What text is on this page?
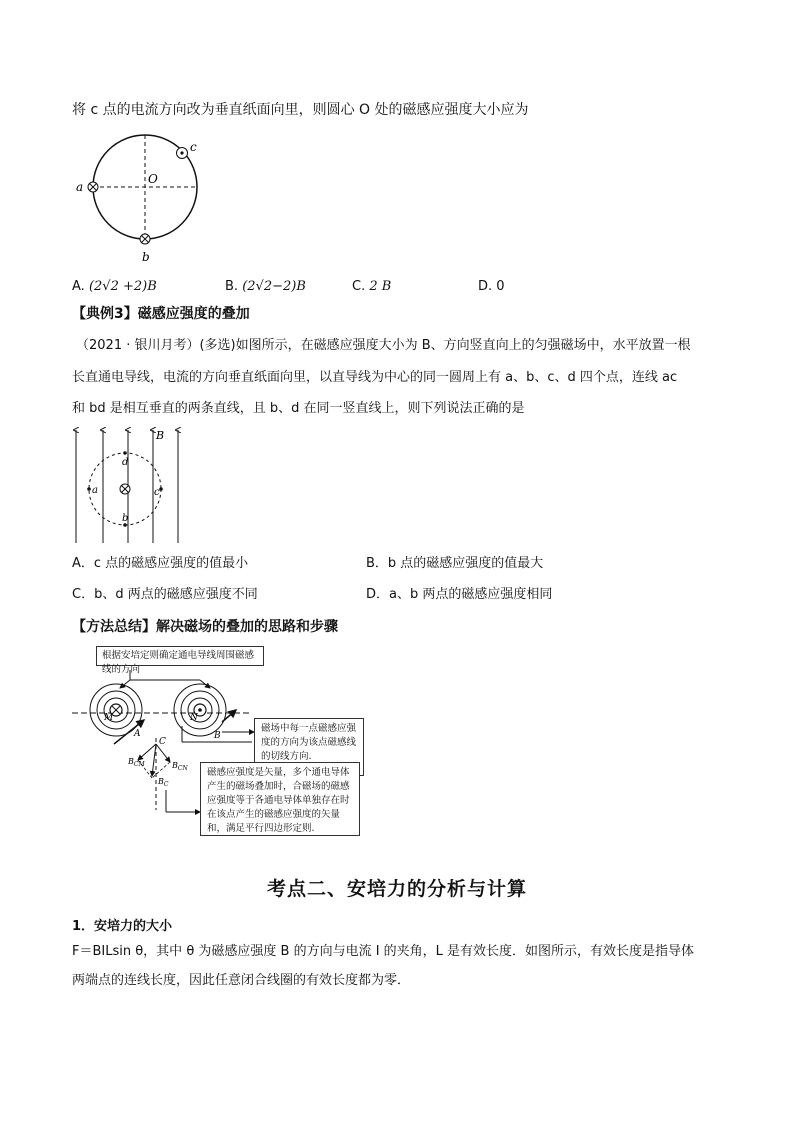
将 c 点的电流方向改为垂直纸面向里，则圆心 O 处的磁感应强度大小应为
a
b
c
O
A. (2√2 +2)B	B. (2√2−2)B	C. 2 B	D. 0
【典例3】磁感应强度的叠加
（2021 · 银川月考）(多选)如图所示，在磁感应强度大小为 B、方向竖直向上的匀强磁场中，水平放置一根
长直通电导线，电流的方向垂直纸面向里，以直导线为中心的同一圆周上有 a、b、c、d 四个点，连线 ac
和 bd 是相互垂直的两条直线，且 b、d 在同一竖直线上，则下列说法正确的是
a
b
c
d
B
A．c 点的磁感应强度的值最小	B．b 点的磁感应强度的值最大
C．b、d 两点的磁感应强度不同	D．a、b 两点的磁感应强度相同
【方法总结】解决磁场的叠加的思路和步骤
M	N
A	B
C
$B_{CM}$	$B_{CN}$
$B_C$
根据安培定则确定通电导线周围磁感线的方向
磁场中每一点磁感应强度的方向为该点磁感线的切线方向.
磁感应强度是矢量，多个通电导体产生的磁场叠加时，合磁场的磁感应强度等于各通电导体单独存在时在该点产生的磁感应强度的矢量和，满足平行四边形定则.
考点二、安培力的分析与计算
1．安培力的大小
F＝BILsin θ，其中 θ 为磁感应强度 B 的方向与电流 I 的夹角，L 是有效长度．如图所示，有效长度是指导体
两端点的连线长度，因此任意闭合线圈的有效长度都为零．
